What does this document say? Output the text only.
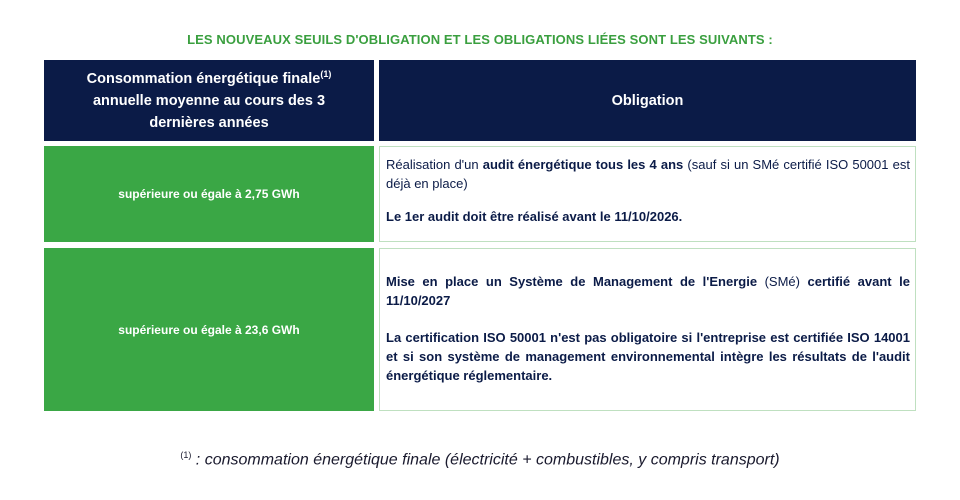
LES NOUVEAUX SEUILS D'OBLIGATION ET LES OBLIGATIONS LIÉES SONT LES SUIVANTS :
Consommation énergétique finale$^{(1)}$ annuelle moyenne au cours des 3 dernières années
Obligation
supérieure ou égale à 2,75 GWh

Réalisation d'un audit énergétique tous les 4 ans (sauf si un SMé certifié ISO 50001 est déjà en place)

Le 1er audit doit être réalisé avant le 11/10/2026.

supérieure ou égale à 23,6 GWh

Mise en place un Système de Management de l'Energie (SMé) certifié avant le 11/10/2027

La certification ISO 50001 n'est pas obligatoire si l'entreprise est certifiée ISO 14001 et si son système de management environnemental intègre les résultats de l'audit énergétique réglementaire.

$^{(1)}$ : consommation énergétique finale (électricité + combustibles, y compris transport)
